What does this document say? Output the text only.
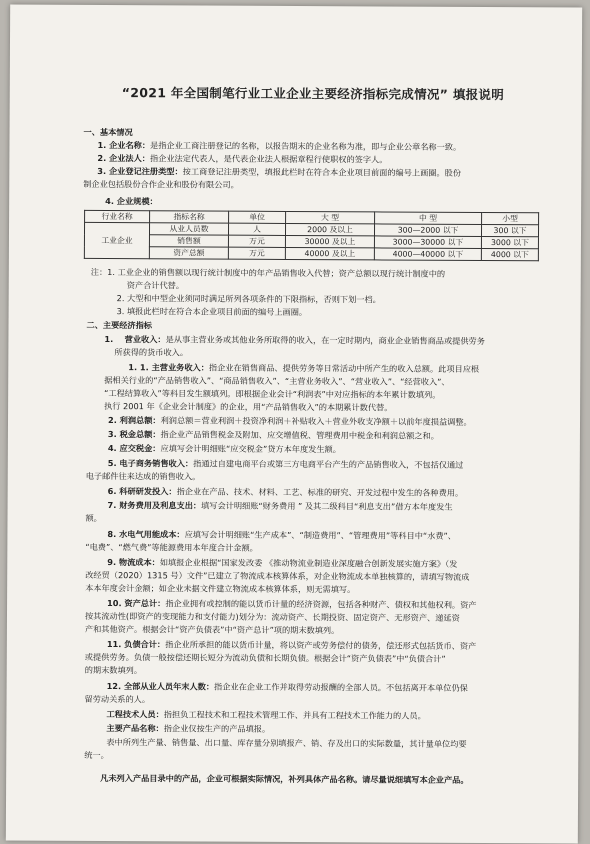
“2021 年全国制笔行业工业企业主要经济指标完成情况” 填报说明
一、基本情况
1. 企业名称：是指企业工商注册登记的名称，以报告期末的企业名称为准，即与企业公章名称一致。
2. 企业法人：指企业法定代表人，是代表企业法人根据章程行使职权的签字人。
3. 企业登记注册类型：按工商登记注册类型，填报此栏时在符合本企业项目前面的编号上画圈。股份
制企业包括股份合作企业和股份有限公司。
4. 企业规模：
行业名称	指标名称	单位	大 型	中 型	小型
工业企业	从业人员数	人	2000 及以上	300—2000 以下	300 以下
	销售额	万元	30000 及以上	3000—30000 以下	3000 以下
	资产总额	万元	40000 及以上	4000—40000 以下	4000 以下
注：1. 工业企业的销售额以现行统计制度中的年产品销售收入代替；资产总额以现行统计制度中的
资产合计代替。
2. 大型和中型企业须同时满足所列各项条件的下限指标，否则下划一档。
3. 填报此栏时在符合本企业项目前面的编号上画圈。
二、主要经济指标
1.    营业收入：是从事主营业务或其他业务所取得的收入，在一定时期内，商业企业销售商品或提供劳务
所获得的货币收入。
1. 1. 主营业务收入：指企业在销售商品、提供劳务等日常活动中所产生的收入总额。此项目应根
据相关行业的“产品销售收入”、“商品销售收入”、“主营业务收入”、“营业收入”、“经营收入”、
“工程结算收入”等科目发生额填列。即根据企业会计“利润表”中对应指标的本年累计数填列。
执行 2001 年《企业会计制度》的企业，用“产品销售收入”的本期累计数代替。
2. 利润总额：利润总额＝营业利润＋投资净利润＋补贴收入＋营业外收支净额＋以前年度损益调整。
3. 税金总额：指企业产品销售税金及附加、应交增值税、管理费用中税金和利润总额之和。
4. 应交税金：应填写会计明细账“应交税金”贷方本年度发生额。
5. 电子商务销售收入：指通过自建电商平台或第三方电商平台产生的产品销售收入，不包括仅通过
电子邮件往来达成的销售收入。
6. 科研研发投入：指企业在产品、技术、材料、工艺、标准的研究、开发过程中发生的各种费用。
7. 财务费用及利息支出：填写会计明细账“财务费用 ” 及其二级科目“利息支出”借方本年度发生
额。
8. 水电气用能成本：应填写会计明细账“生产成本”、“制造费用”、“管理费用”等科目中“水费”、
“电费”、“燃气费”等能源费用本年度合计金额。
9. 物流成本：如填报企业根据“国家发改委 《推动物流业制造业深度融合创新发展实施方案》（发
改经贸（2020）1315 号）文件”已建立了物流成本核算体系，对企业物流成本单独核算的，请填写物流成
本本年度会计金额；如企业未据文件建立物流成本核算体系，则无需填写。
10. 资产总计：指企业拥有或控制的能以货币计量的经济资源，包括各种财产、债权和其他权利。资产
按其流动性(即资产的变现能力和支付能力)划分为：流动资产、长期投资、固定资产、无形资产、递延资
产和其他资产。根据会计“资产负债表”中“资产总计”项的期末数填列。
11. 负债合计：指企业所承担的能以货币计量，将以资产或劳务偿付的债务，偿还形式包括货币、资产
或提供劳务。负债一般按偿还期长短分为流动负债和长期负债。根据会计“资产负债表”中“负债合计”
的期末数填列。
12. 全部从业人员年末人数：指企业在企业工作并取得劳动报酬的全部人员。不包括离开本单位仍保
留劳动关系的人。
工程技术人员：指担负工程技术和工程技术管理工作、并具有工程技术工作能力的人员。
主要产品名称：指企业仅按生产的产品填报。
表中所列生产量、销售量、出口量、库存量分别填报产、销、存及出口的实际数量，其计量单位均要
统一。
凡未列入产品目录中的产品，企业可根据实际情况，补列具体产品名称。请尽量说细填写本企业产品。
